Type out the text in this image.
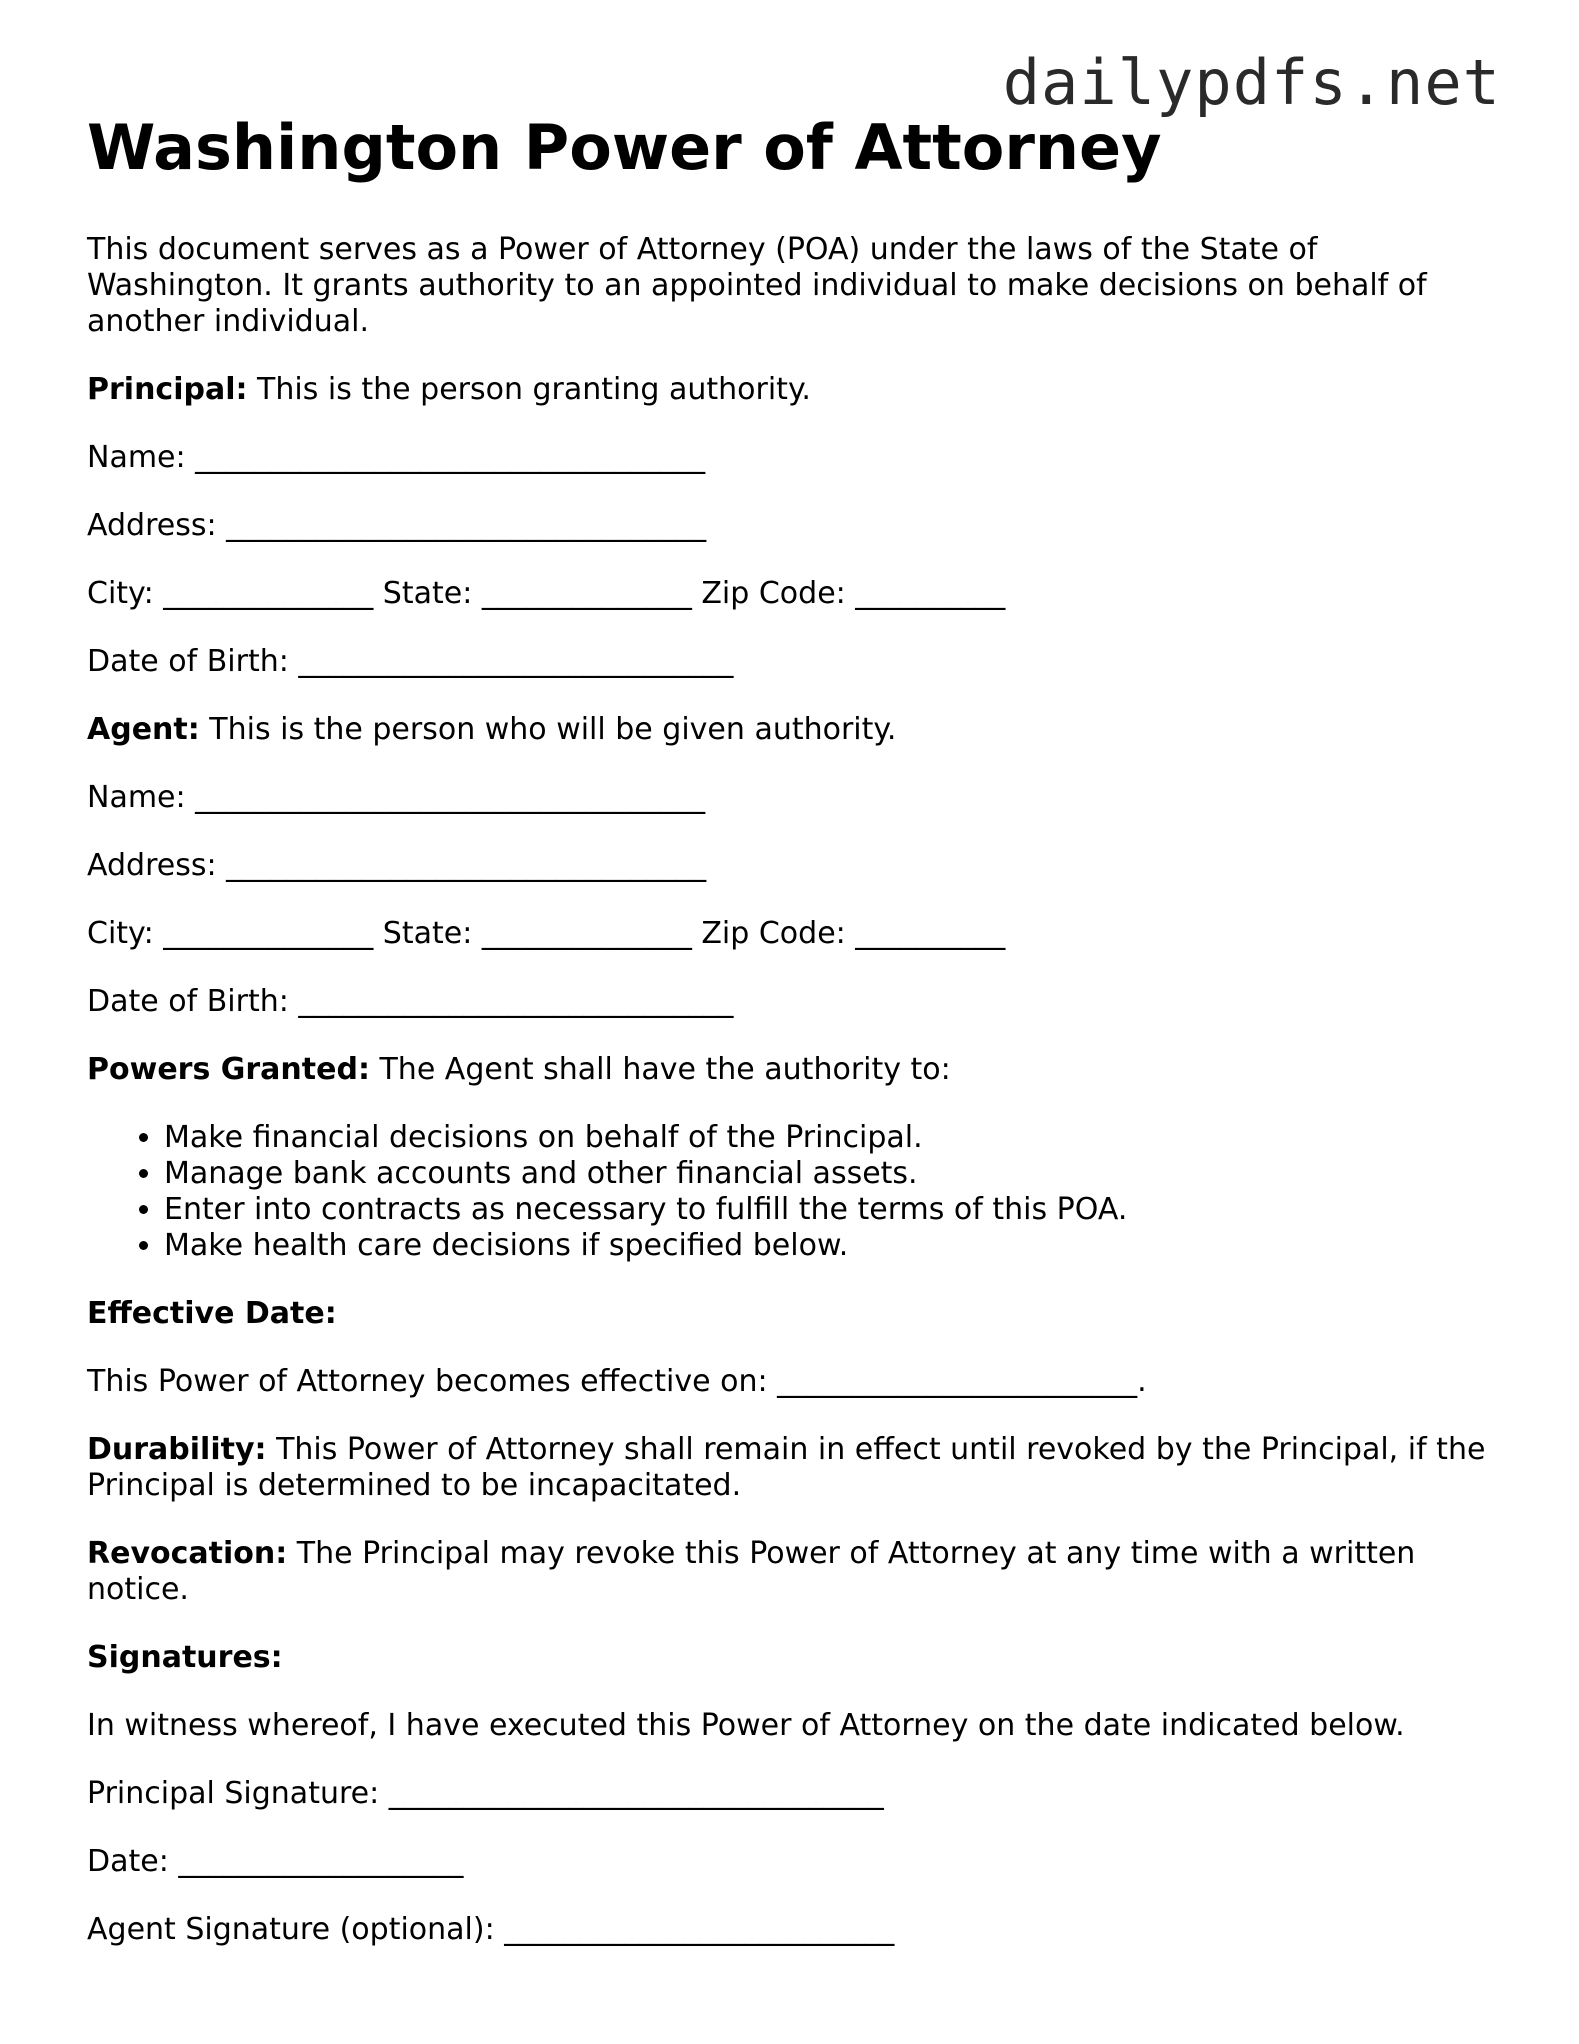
dailypdfs.net
Washington Power of Attorney

This document serves as a Power of Attorney (POA) under the laws of the State of Washington. It grants authority to an appointed individual to make decisions on behalf of another individual.

Principal: This is the person granting authority.

Name: __________________________________

Address: ________________________________

City: ______________ State: ______________ Zip Code: __________

Date of Birth: _____________________________

Agent: This is the person who will be given authority.

Name: __________________________________

Address: ________________________________

City: ______________ State: ______________ Zip Code: __________

Date of Birth: _____________________________

Powers Granted: The Agent shall have the authority to:

• Make financial decisions on behalf of the Principal.
• Manage bank accounts and other financial assets.
• Enter into contracts as necessary to fulfill the terms of this POA.
• Make health care decisions if specified below.

Effective Date:

This Power of Attorney becomes effective on: ________________________.

Durability: This Power of Attorney shall remain in effect until revoked by the Principal, if the Principal is determined to be incapacitated.

Revocation: The Principal may revoke this Power of Attorney at any time with a written notice.

Signatures:

In witness whereof, I have executed this Power of Attorney on the date indicated below.

Principal Signature: _________________________________

Date: ___________________

Agent Signature (optional): __________________________
